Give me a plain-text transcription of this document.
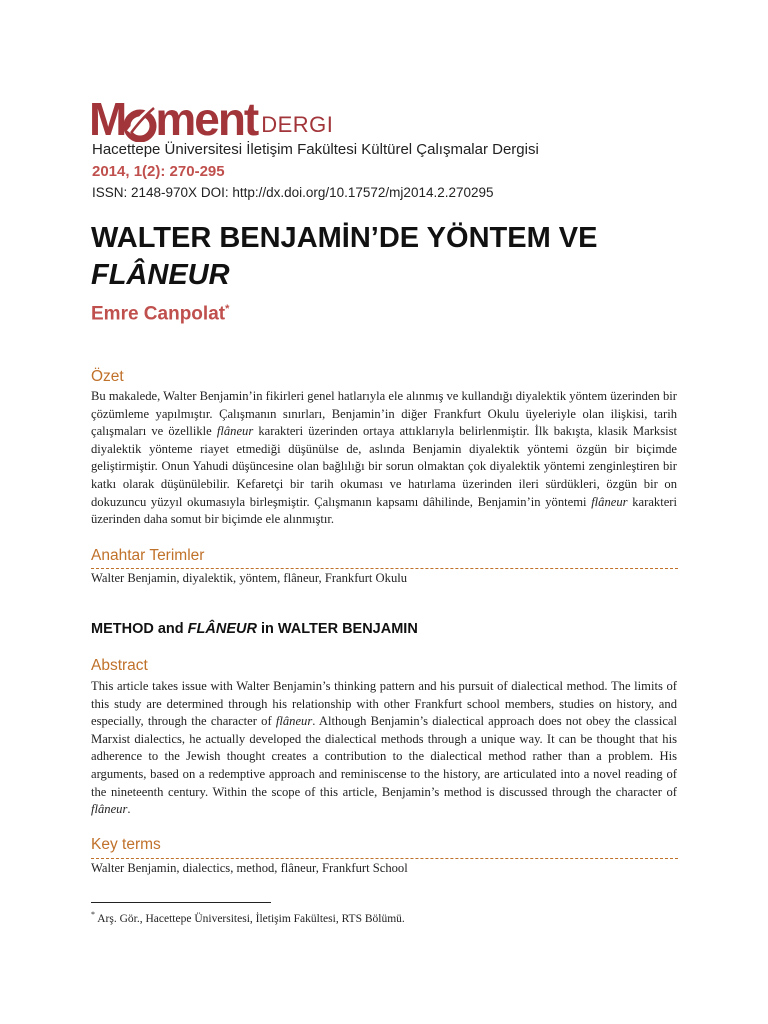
M ment DERGI
Hacettepe Üniversitesi İletişim Fakültesi Kültürel Çalışmalar Dergisi
2014, 1(2): 270-295
ISSN: 2148-970X DOI: http://dx.doi.org/10.17572/mj2014.2.270295
WALTER BENJAMİN’DE YÖNTEM VE
FLÂNEUR
Emre Canpolat*
Özet
Bu makalede, Walter Benjamin’in fikirleri genel hatlarıyla ele alınmış ve kullandığı diyalektik yöntem üzerinden bir çözümleme yapılmıştır. Çalışmanın sınırları, Benjamin’in diğer Frankfurt Okulu üyeleriyle olan ilişkisi, tarih çalışmaları ve özellikle flâneur karakteri üzerinden ortaya attıklarıyla belirlenmiştir. İlk bakışta, klasik Marksist diyalektik yönteme riayet etmediği düşünülse de, aslında Benjamin diyalektik yöntemi özgün bir biçimde geliştirmiştir. Onun Yahudi düşüncesine olan bağlılığı bir sorun olmaktan çok diyalektik yöntemi zenginleştiren bir katkı olarak düşünülebilir. Kefaretçi bir tarih okuması ve hatırlama üzerinden ileri sürdükleri, özgün bir on dokuzuncu yüzyıl okumasıyla birleşmiştir. Çalışmanın kapsamı dâhilinde, Benjamin’in yöntemi flâneur karakteri üzerinden daha somut bir biçimde ele alınmıştır.
Anahtar Terimler
Walter Benjamin, diyalektik, yöntem, flâneur, Frankfurt Okulu
METHOD and FLÂNEUR in WALTER BENJAMIN
Abstract
This article takes issue with Walter Benjamin’s thinking pattern and his pursuit of dialectical method. The limits of this study are determined through his relationship with other Frankfurt school members, studies on history, and especially, through the character of flâneur. Although Benjamin’s dialectical approach does not obey the classical Marxist dialectics, he actually developed the dialectical methods through a unique way. It can be thought that his adherence to the Jewish thought creates a contribution to the dialectical method rather than a problem. His arguments, based on a redemptive approach and reminiscense to the history, are articulated into a novel reading of the nineteenth century. Within the scope of this article, Benjamin’s method is discussed through the character of flâneur.
Key terms
Walter Benjamin, dialectics, method, flâneur, Frankfurt School
* Arş. Gör., Hacettepe Üniversitesi, İletişim Fakültesi, RTS Bölümü.
